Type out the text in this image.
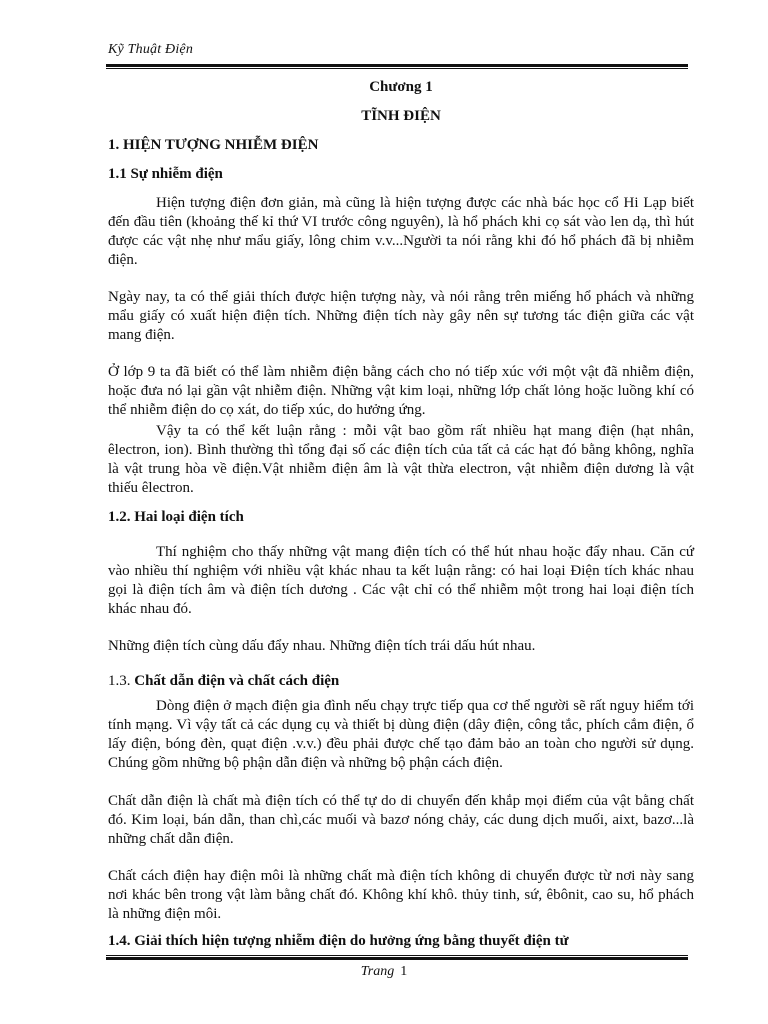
Kỹ Thuật Điện
Chương 1
TĨNH ĐIỆN
1. HIỆN TƯỢNG NHIỄM ĐIỆN
1.1 Sự nhiễm điện

Hiện tượng điện đơn giản, mà cũng là hiện tượng được các nhà bác học cổ Hi Lạp biết đến đầu tiên (khoảng thế kỉ thứ VI trước công nguyên), là hổ phách khi cọ sát vào len dạ, thì hút được các vật nhẹ như mẩu giấy, lông chim v.v...Người ta nói rằng khi đó hổ phách đã bị nhiễm điện.

Ngày nay, ta có thể giải thích được hiện tượng này, và nói rằng trên miếng hổ phách và những mẩu giấy có xuất hiện điện tích. Những điện tích này gây nên sự tương tác điện giữa các vật mang điện.

Ở lớp 9 ta đã biết có thể làm nhiễm điện bằng cách cho nó tiếp xúc với một vật đã nhiễm điện, hoặc đưa nó lại gần vật nhiễm điện. Những vật kim loại, những lớp chất lỏng hoặc luồng khí có thể nhiễm điện do cọ xát, do tiếp xúc, do hưởng ứng.

Vậy ta có thể kết luận rằng : mỗi vật bao gồm rất nhiều hạt mang điện (hạt nhân, êlectron, ion). Bình thường thì tổng đại số các điện tích của tất cả các hạt đó bằng không, nghĩa là vật trung hòa về điện.Vật nhiễm điện âm là vật thừa electron, vật nhiễm điện dương là vật thiếu êlectron.

1.2. Hai loại điện tích

Thí nghiệm cho thấy những vật mang điện tích có thể hút nhau hoặc đẩy nhau. Căn cứ vào nhiều thí nghiệm với nhiều vật khác nhau ta kết luận rằng: có hai loại Điện tích khác nhau gọi là điện tích âm và điện tích dương . Các vật chỉ có thể nhiễm một trong hai loại điện tích khác nhau đó.

Những điện tích cùng dấu đẩy nhau. Những điện tích trái dấu hút nhau.

1.3. Chất dẫn điện và chất cách điện

Dòng điện ở mạch điện gia đình nếu chạy trực tiếp qua cơ thể người sẽ rất nguy hiểm tới tính mạng. Vì vậy tất cả các dụng cụ và thiết bị dùng điện (dây điện, công tắc, phích cắm điện, ổ lấy điện, bóng đèn, quạt điện .v.v.) đều phải được chế tạo đảm bảo an toàn cho người sử dụng. Chúng gồm những bộ phận dẫn điện và những bộ phận cách điện.

Chất dẫn điện là chất mà điện tích có thể tự do di chuyển đến khắp mọi điểm của vật bằng chất đó. Kim loại, bán dẫn, than chì,các muối và bazơ nóng chảy, các dung dịch muối, aixt, bazơ...là những chất dẫn điện.

Chất cách điện hay điện môi là những chất mà điện tích không di chuyển được từ nơi này sang nơi khác bên trong vật làm bằng chất đó. Không khí khô. thủy tinh, sứ, êbônit, cao su, hổ phách là những điện môi.

1.4. Giải thích hiện tượng nhiễm điện do hưởng ứng bằng thuyết điện tử
Trang 1
